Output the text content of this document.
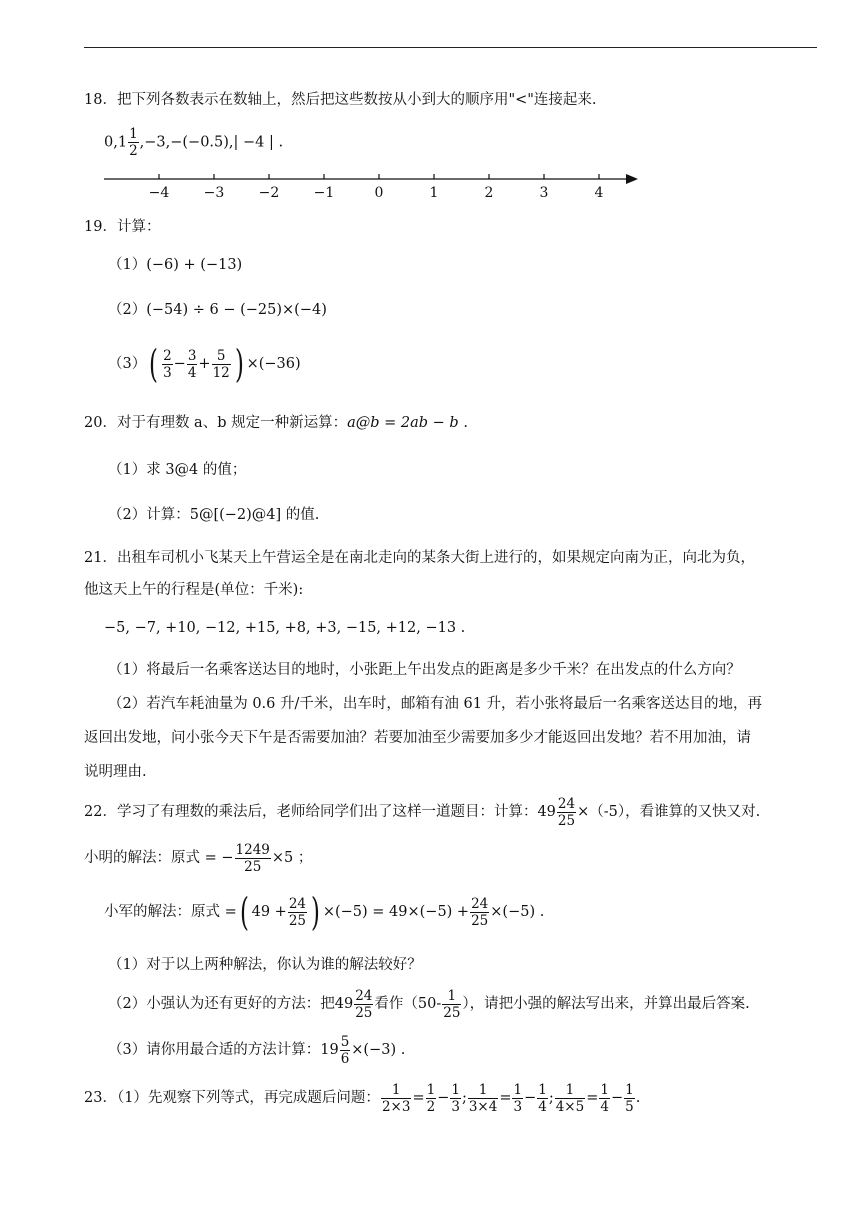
18．把下列各数表示在数轴上，然后把这些数按从小到大的顺序用"<"连接起来.
$0,1 \frac{1}{2} ,-3,-(-0.5),| -4$ | .
−4 −3 −2 −1	0	1	2	3	4
19．计算：
（1）(−6) + (−13)
（2）(−54) ÷ 6 − (−25)×(−4)
（3） ( $\frac{2}{3} - \frac{3}{4} + \frac{5}{12}$ ) ×(−36)
20．对于有理数 a、b 规定一种新运算：a@b = 2ab − b .
（1）求 3@4 的值；
（2）计算：5@[(−2)@4] 的值.
21．出租车司机小飞某天上午营运全是在南北走向的某条大街上进行的，如果规定向南为正，向北为负，
他这天上午的行程是(单位：千米):
−5, −7, +10, −12, +15, +8, +3, −15, +12, −13 .
（1）将最后一名乘客送达目的地时，小张距上午出发点的距离是多少千米？在出发点的什么方向？
（2）若汽车耗油量为 0.6 升/千米，出车时，邮箱有油 61 升，若小张将最后一名乘客送达目的地，再
返回出发地，问小张今天下午是否需要加油？若要加油至少需要加多少才能返回出发地？若不用加油，请
说明理由.
22．学习了有理数的乘法后，老师给同学们出了这样一道题目：计算： $49 \frac{24}{25} \times(-5)$，看谁算的又快又对.
小明的解法：原式 = − $\frac{1249}{25} \times 5$ ；
小军的解法：原式 = ( $49 + \frac{24}{25}$ ) $\times(-5) = 49\times(-5) + \frac{24}{25} \times(-5)$ .
（1）对于以上两种解法，你认为谁的解法较好？
（2）小强认为还有更好的方法：把 $49 \frac{24}{25}$ 看作（$50- \frac{1}{25}$ ），请把小强的解法写出来，并算出最后答案.
（3）请你用最合适的方法计算： $19 \frac{5}{6} \times(-3)$ .
23．（1）先观察下列等式，再完成题后问题： $\frac{1}{2\times 3} = \frac{1}{2} - \frac{1}{3}$ ; $\frac{1}{3\times 4} = \frac{1}{3} - \frac{1}{4}$ ; $\frac{1}{4\times 5} = \frac{1}{4} - \frac{1}{5}$ .
